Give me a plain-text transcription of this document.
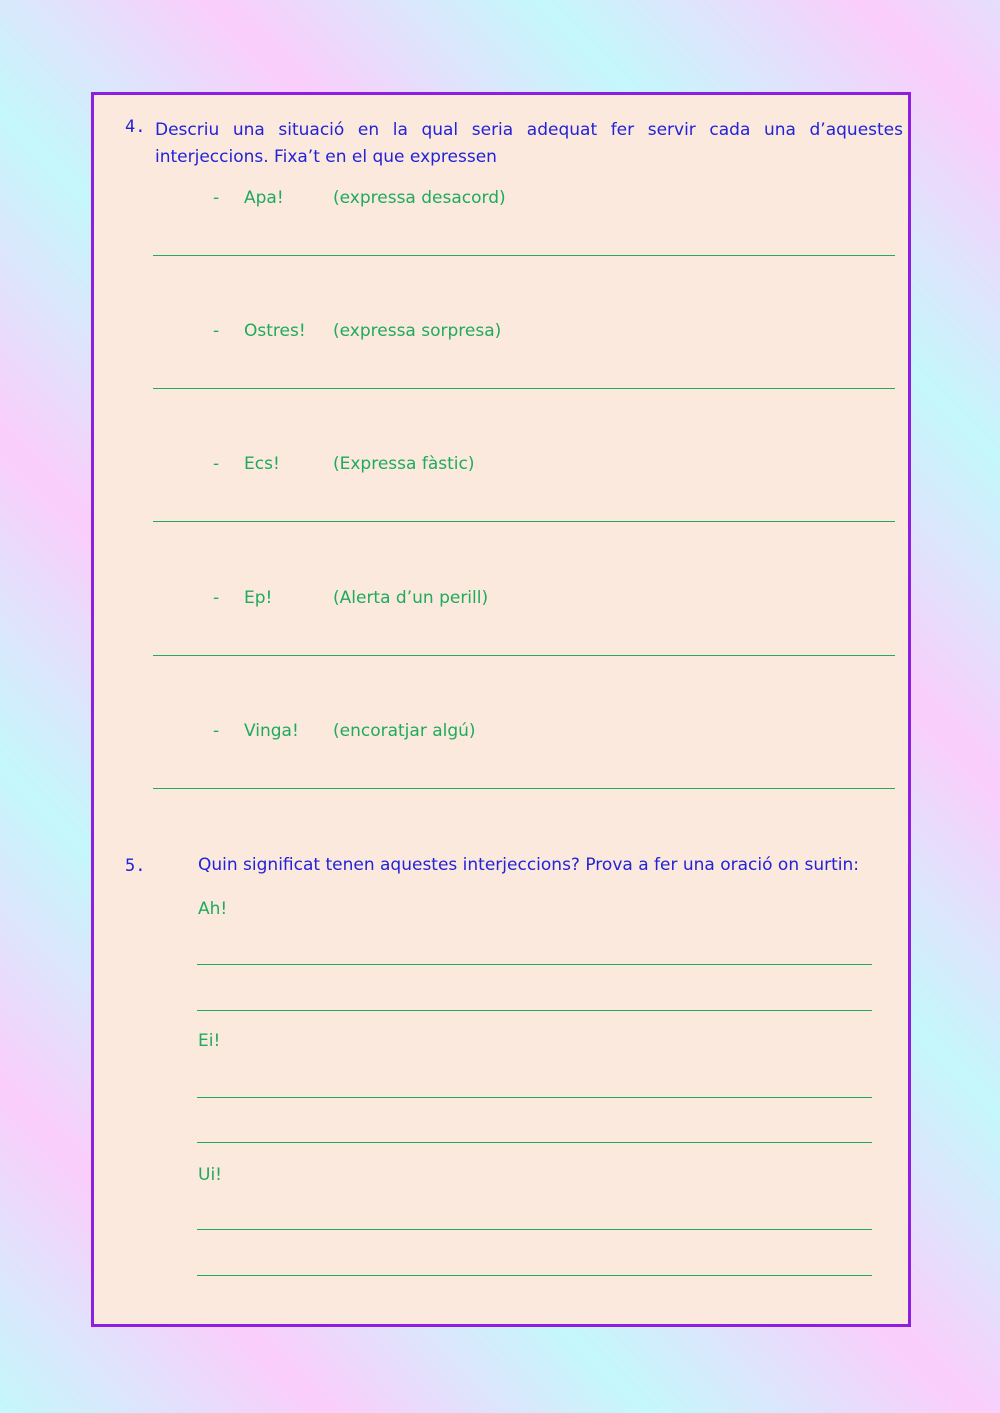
4. Descriu una situació en la qual seria adequat fer servir cada una d’aquestes interjeccions. Fixa’t en el que expressen
- Apa!	(expressa desacord)
- Ostres! (expressa sorpresa)
- Ecs!	(Expressa fàstic)
- Ep!	(Alerta d’un perill)
- Vinga! (encoratjar algú)
5.	Quin significat tenen aquestes interjeccions? Prova a fer una oració on surtin:
Ah!
Ei!
Ui!
